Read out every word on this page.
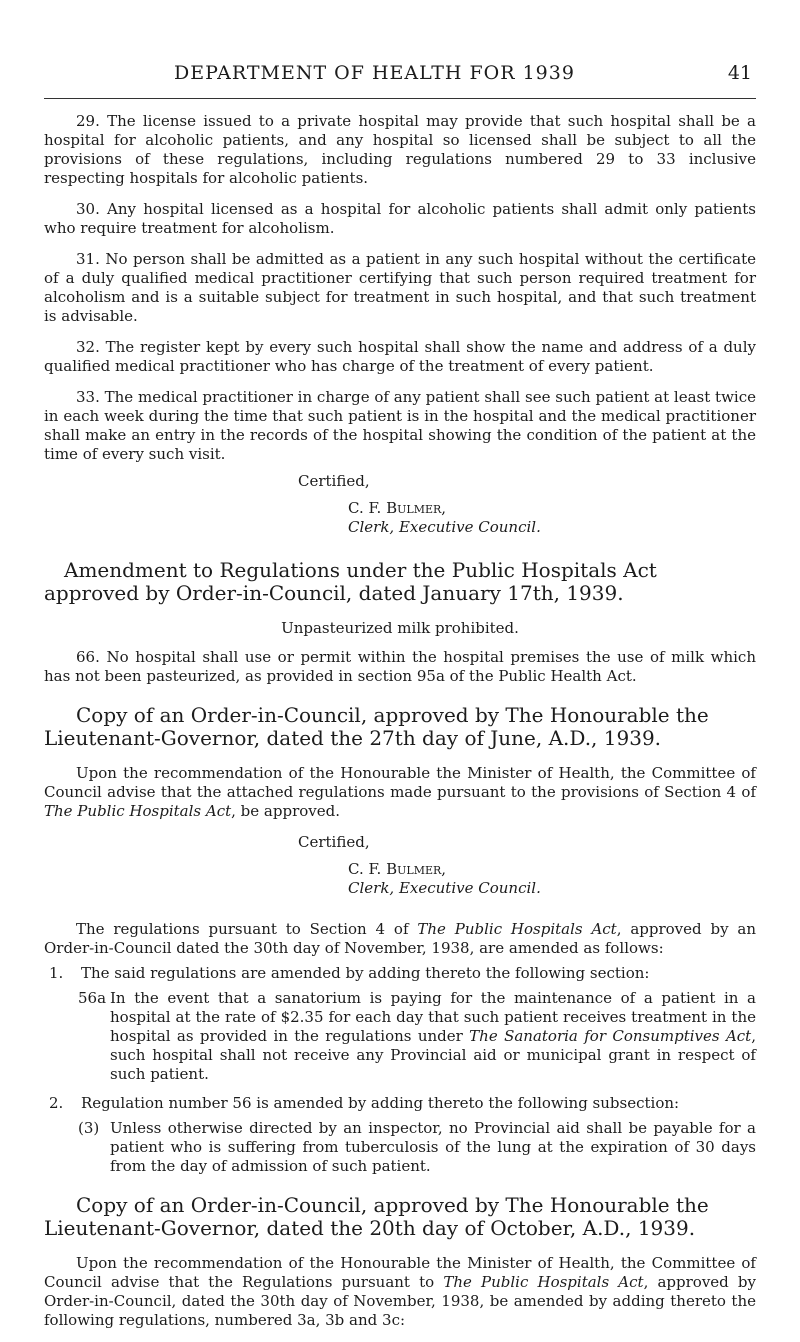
DEPARTMENT OF HEALTH FOR 1939	41

29. The license issued to a private hospital may provide that such hospital shall be a hospital for alcoholic patients, and any hospital so licensed shall be subject to all the provisions of these regulations, including regulations numbered 29 to 33 inclusive respecting hospitals for alcoholic patients.

30. Any hospital licensed as a hospital for alcoholic patients shall admit only patients who require treatment for alcoholism.

31. No person shall be admitted as a patient in any such hospital without the certificate of a duly qualified medical practitioner certifying that such person required treatment for alcoholism and is a suitable subject for treatment in such hospital, and that such treatment is advisable.

32. The register kept by every such hospital shall show the name and address of a duly qualified medical practitioner who has charge of the treatment of every patient.

33. The medical practitioner in charge of any patient shall see such patient at least twice in each week during the time that such patient is in the hospital and the medical practitioner shall make an entry in the records of the hospital showing the condition of the patient at the time of every such visit.

Certified,
C. F. Bulmer,
Clerk, Executive Council.
Amendment to Regulations under the Public Hospitals Act approved by Order-in-Council, dated January 17th, 1939.
Unpasteurized milk prohibited.

66. No hospital shall use or permit within the hospital premises the use of milk which has not been pasteurized, as provided in section 95a of the Public Health Act.

Copy of an Order-in-Council, approved by The Honourable the Lieutenant-Governor, dated the 27th day of June, A.D., 1939.

Upon the recommendation of the Honourable the Minister of Health, the Committee of Council advise that the attached regulations made pursuant to the provisions of Section 4 of The Public Hospitals Act, be approved.

Certified,
C. F. Bulmer,
Clerk, Executive Council.

The regulations pursuant to Section 4 of The Public Hospitals Act, approved by an Order-in-Council dated the 30th day of November, 1938, are amended as follows:

1.	The said regulations are amended by adding thereto the following section:
56a In the event that a sanatorium is paying for the maintenance of a patient in a hospital at the rate of $2.35 for each day that such patient receives treatment in the hospital as provided in the regulations under The Sanatoria for Consumptives Act, such hospital shall not receive any Provincial aid or municipal grant in respect of such patient.
2.	Regulation number 56 is amended by adding thereto the following subsection:
(3) Unless otherwise directed by an inspector, no Provincial aid shall be payable for a patient who is suffering from tuberculosis of the lung at the expiration of 30 days from the day of admission of such patient.
Copy of an Order-in-Council, approved by The Honourable the Lieutenant-Governor, dated the 20th day of October, A.D., 1939.

Upon the recommendation of the Honourable the Minister of Health, the Committee of Council advise that the Regulations pursuant to The Public Hospitals Act, approved by Order-in-Council, dated the 30th day of November, 1938, be amended by adding thereto the following regulations, numbered 3a, 3b and 3c:
